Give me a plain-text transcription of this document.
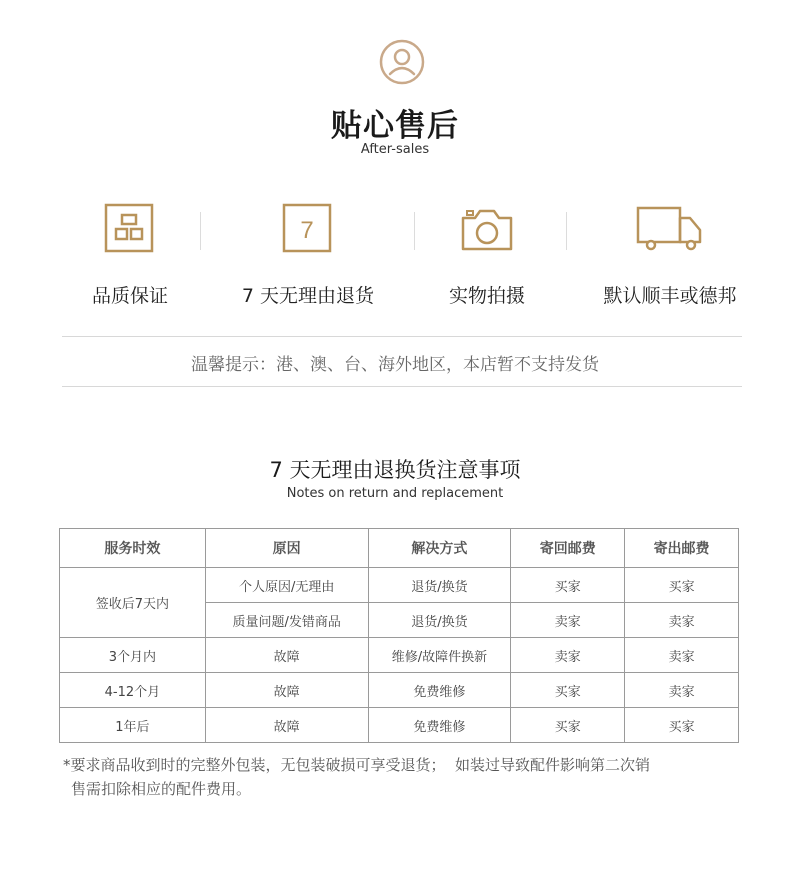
贴心售后
After-sales
品质保证
7
7 天无理由退货	实物拍摄	默认顺丰或德邦
温馨提示：港、澳、台、海外地区，本店暂不支持发货
7 天无理由退换货注意事项
Notes on return and replacement
服务时效	原因	解决方式	寄回邮费	寄出邮费
签收后7天内	个人原因/无理由	退货/换货	买家	买家
	质量问题/发错商品	退货/换货	卖家	卖家
3个月内	故障	维修/故障件换新	卖家	卖家
4-12个月	故障	免费维修	买家	卖家
1年后	故障	免费维修	买家	买家
*要求商品收到时的完整外包装，无包装破损可享受退货；  如装过导致配件影响第二次销
售需扣除相应的配件费用。
